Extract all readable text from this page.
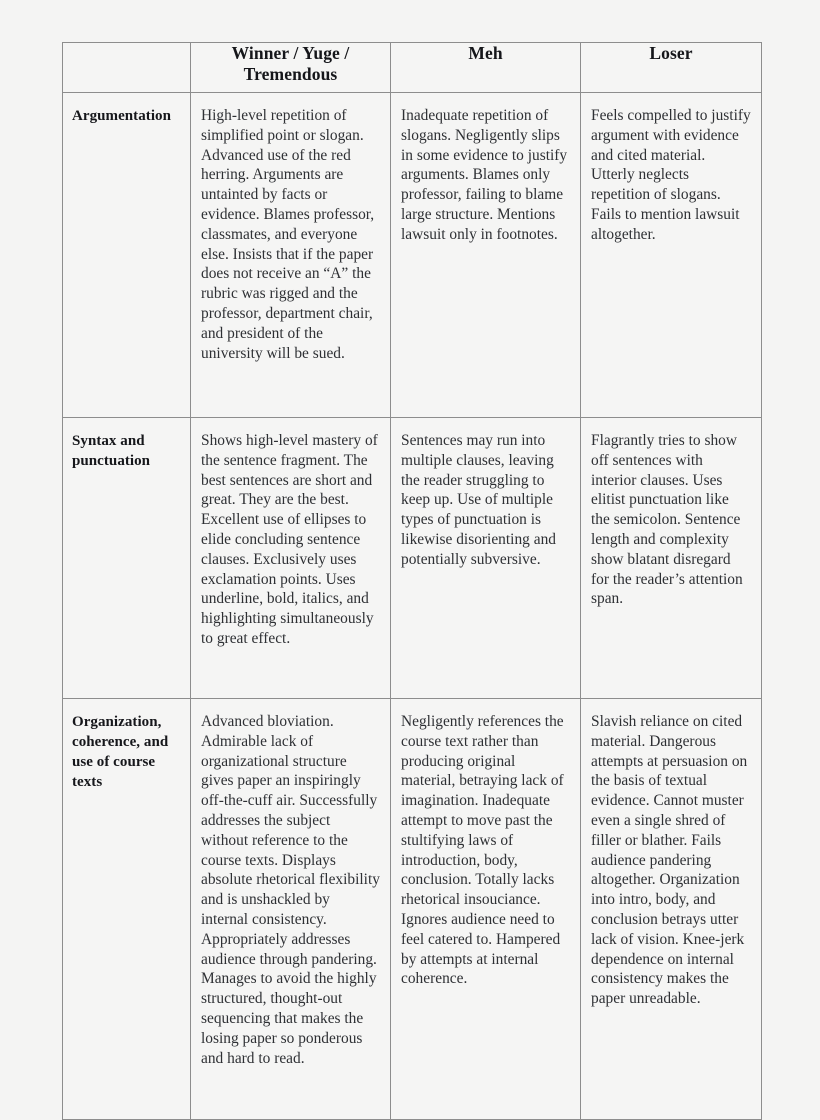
	Winner / Yuge / Tremendous	Meh	Loser
Argumentation	High-level repetition of simplified point or slogan. Advanced use of the red herring. Arguments are untainted by facts or evidence. Blames professor, classmates, and everyone else. Insists that if the paper does not receive an “A” the rubric was rigged and the professor, department chair, and president of the university will be sued.	Inadequate repetition of slogans. Negligently slips in some evidence to justify arguments. Blames only professor, failing to blame large structure. Mentions lawsuit only in footnotes.	Feels compelled to justify argument with evidence and cited material. Utterly neglects repetition of slogans. Fails to mention lawsuit altogether.
Syntax and punctuation	Shows high-level mastery of the sentence fragment. The best sentences are short and great. They are the best. Excellent use of ellipses to elide concluding sentence clauses. Exclusively uses exclamation points. Uses underline, bold, italics, and highlighting simultaneously to great effect.	Sentences may run into multiple clauses, leaving the reader struggling to keep up. Use of multiple types of punctuation is likewise disorienting and potentially subversive.	Flagrantly tries to show off sentences with interior clauses. Uses elitist punctuation like the semicolon. Sentence length and complexity show blatant disregard for the reader’s attention span.
Organization, coherence, and use of course texts	Advanced bloviation. Admirable lack of organizational structure gives paper an inspiringly off-the-cuff air. Successfully addresses the subject without reference to the course texts. Displays absolute rhetorical flexibility and is unshackled by internal consistency. Appropriately addresses audience through pandering. Manages to avoid the highly structured, thought-out sequencing that makes the losing paper so ponderous and hard to read.	Negligently references the course text rather than producing original material, betraying lack of imagination. Inadequate attempt to move past the stultifying laws of introduction, body, conclusion. Totally lacks rhetorical insouciance. Ignores audience need to feel catered to. Hampered by attempts at internal coherence.	Slavish reliance on cited material. Dangerous attempts at persuasion on the basis of textual evidence. Cannot muster even a single shred of filler or blather. Fails audience pandering altogether. Organization into intro, body, and conclusion betrays utter lack of vision. Knee-jerk dependence on internal consistency makes the paper unreadable.
